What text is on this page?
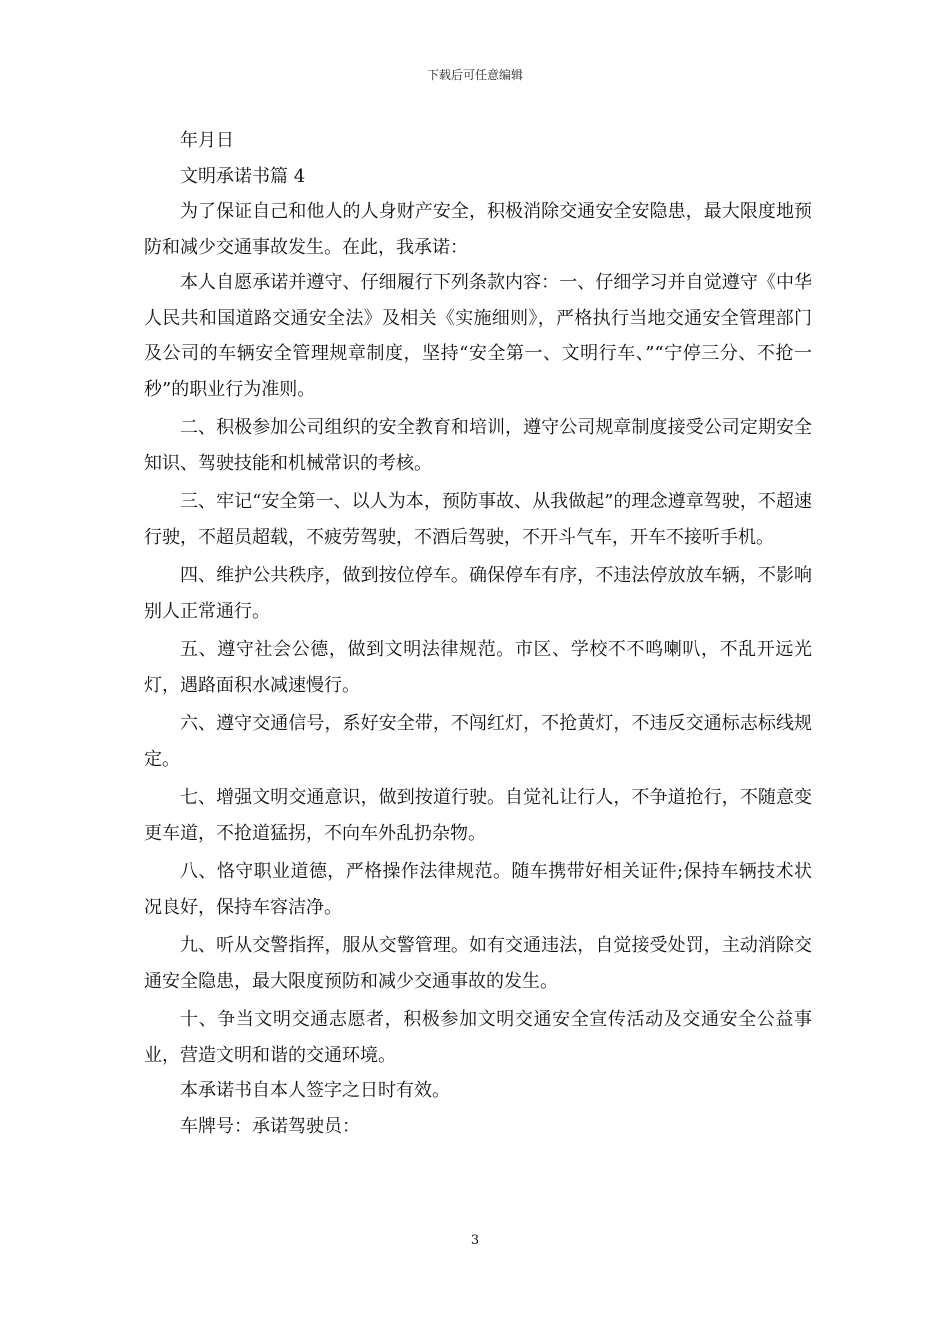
下载后可任意编辑

年月日

文明承诺书篇 4

为了保证自己和他人的人身财产安全，积极消除交通安全安隐患，最大限度地预防和减少交通事故发生。在此，我承诺：

本人自愿承诺并遵守、仔细履行下列条款内容：一、仔细学习并自觉遵守《中华人民共和国道路交通安全法》及相关《实施细则》，严格执行当地交通安全管理部门及公司的车辆安全管理规章制度，坚持“安全第一、文明行车、”“宁停三分、不抢一秒”的职业行为准则。

二、积极参加公司组织的安全教育和培训，遵守公司规章制度接受公司定期安全知识、驾驶技能和机械常识的考核。

三、牢记“安全第一、以人为本，预防事故、从我做起”的理念遵章驾驶，不超速行驶，不超员超载，不疲劳驾驶，不酒后驾驶，不开斗气车，开车不接听手机。

四、维护公共秩序，做到按位停车。确保停车有序，不违法停放放车辆，不影响别人正常通行。

五、遵守社会公德，做到文明法律规范。市区、学校不不鸣喇叭，不乱开远光灯，遇路面积水减速慢行。

六、遵守交通信号，系好安全带，不闯红灯，不抢黄灯，不违反交通标志标线规定。

七、增强文明交通意识，做到按道行驶。自觉礼让行人，不争道抢行，不随意变更车道，不抢道猛拐，不向车外乱扔杂物。

八、恪守职业道德，严格操作法律规范。随车携带好相关证件;保持车辆技术状况良好，保持车容洁净。

九、听从交警指挥，服从交警管理。如有交通违法，自觉接受处罚，主动消除交通安全隐患，最大限度预防和减少交通事故的发生。

十、争当文明交通志愿者，积极参加文明交通安全宣传活动及交通安全公益事业，营造文明和谐的交通环境。

本承诺书自本人签字之日时有效。

车牌号：承诺驾驶员：

3
